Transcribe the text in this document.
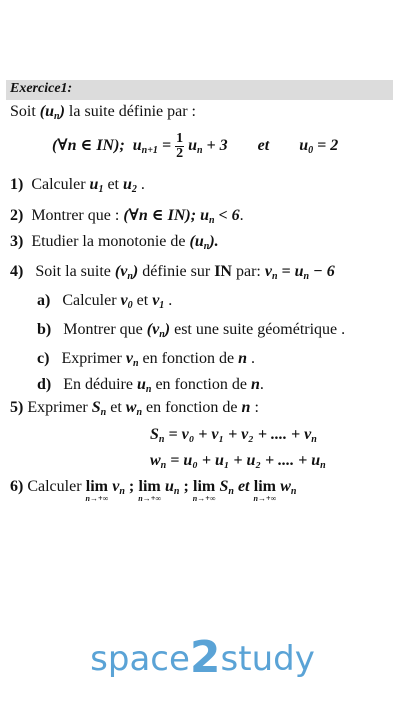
Exercice1:
Soit $(u_n)$ la suite définie par :
(∀n ∈ IN); $u_{n+1} = \frac{1}{2} u_n + 3$ et $u_0 = 2$
1) Calculer $u_1$ et $u_2$ .
2) Montrer que : (∀n ∈ IN); $u_n < 6$.
3) Etudier la monotonie de $(u_n)$.
4) Soit la suite $(v_n)$ définie sur IN par: $v_n = u_n - 6$
a) Calculer $v_0$ et $v_1$ .
b) Montrer que $(v_n)$ est une suite géométrique .
c) Exprimer $v_n$ en fonction de n .
d) En déduire $u_n$ en fonction de n.
5) Exprimer $S_n$ et $w_n$ en fonction de n :
$S_n = v_0 + v_1 + v_2$ + .... + $v_n$
$w_n = u_0 + u_1 + u_2$ + .... + $u_n$
6) Calculer lim
n→+∞
$v_n$ ; lim
n→+∞
$u_n$ ; lim
n→+∞
$S_n$ et lim
n→+∞
$w_n$
space2study
